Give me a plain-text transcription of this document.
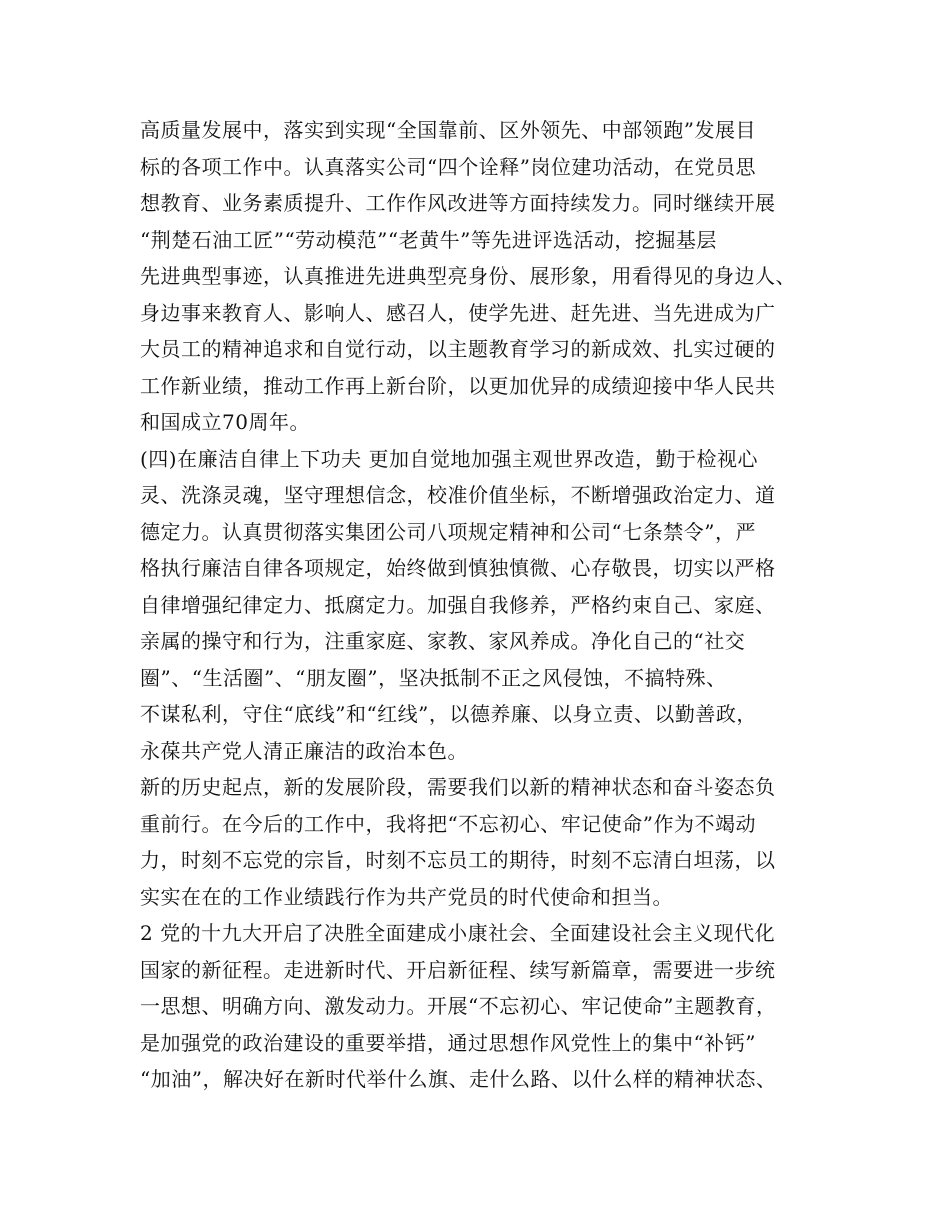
高质量发展中，落实到实现“全国靠前、区外领先、中部领跑”发展目
标的各项工作中。认真落实公司“四个诠释”岗位建功活动，在党员思
想教育、业务素质提升、工作作风改进等方面持续发力。同时继续开展
“荆楚石油工匠”“劳动模范”“老黄牛”等先进评选活动，挖掘基层
先进典型事迹，认真推进先进典型亮身份、展形象，用看得见的身边人、
身边事来教育人、影响人、感召人，使学先进、赶先进、当先进成为广
大员工的精神追求和自觉行动，以主题教育学习的新成效、扎实过硬的
工作新业绩，推动工作再上新台阶，以更加优异的成绩迎接中华人民共
和国成立70周年。
(四)在廉洁自律上下功夫 更加自觉地加强主观世界改造，勤于检视心
灵、洗涤灵魂，坚守理想信念，校准价值坐标，不断增强政治定力、道
德定力。认真贯彻落实集团公司八项规定精神和公司“七条禁令”，严
格执行廉洁自律各项规定，始终做到慎独慎微、心存敬畏，切实以严格
自律增强纪律定力、抵腐定力。加强自我修养，严格约束自己、家庭、
亲属的操守和行为，注重家庭、家教、家风养成。净化自己的“社交
圈”、“生活圈”、“朋友圈”，坚决抵制不正之风侵蚀，不搞特殊、
不谋私利，守住“底线”和“红线”，以德养廉、以身立责、以勤善政，
永葆共产党人清正廉洁的政治本色。
新的历史起点，新的发展阶段，需要我们以新的精神状态和奋斗姿态负
重前行。在今后的工作中，我将把“不忘初心、牢记使命”作为不竭动
力，时刻不忘党的宗旨，时刻不忘员工的期待，时刻不忘清白坦荡，以
实实在在的工作业绩践行作为共产党员的时代使命和担当。
2 党的十九大开启了决胜全面建成小康社会、全面建设社会主义现代化
国家的新征程。走进新时代、开启新征程、续写新篇章，需要进一步统
一思想、明确方向、激发动力。开展“不忘初心、牢记使命”主题教育，
是加强党的政治建设的重要举措，通过思想作风党性上的集中“补钙”
“加油”，解决好在新时代举什么旗、走什么路、以什么样的精神状态、
